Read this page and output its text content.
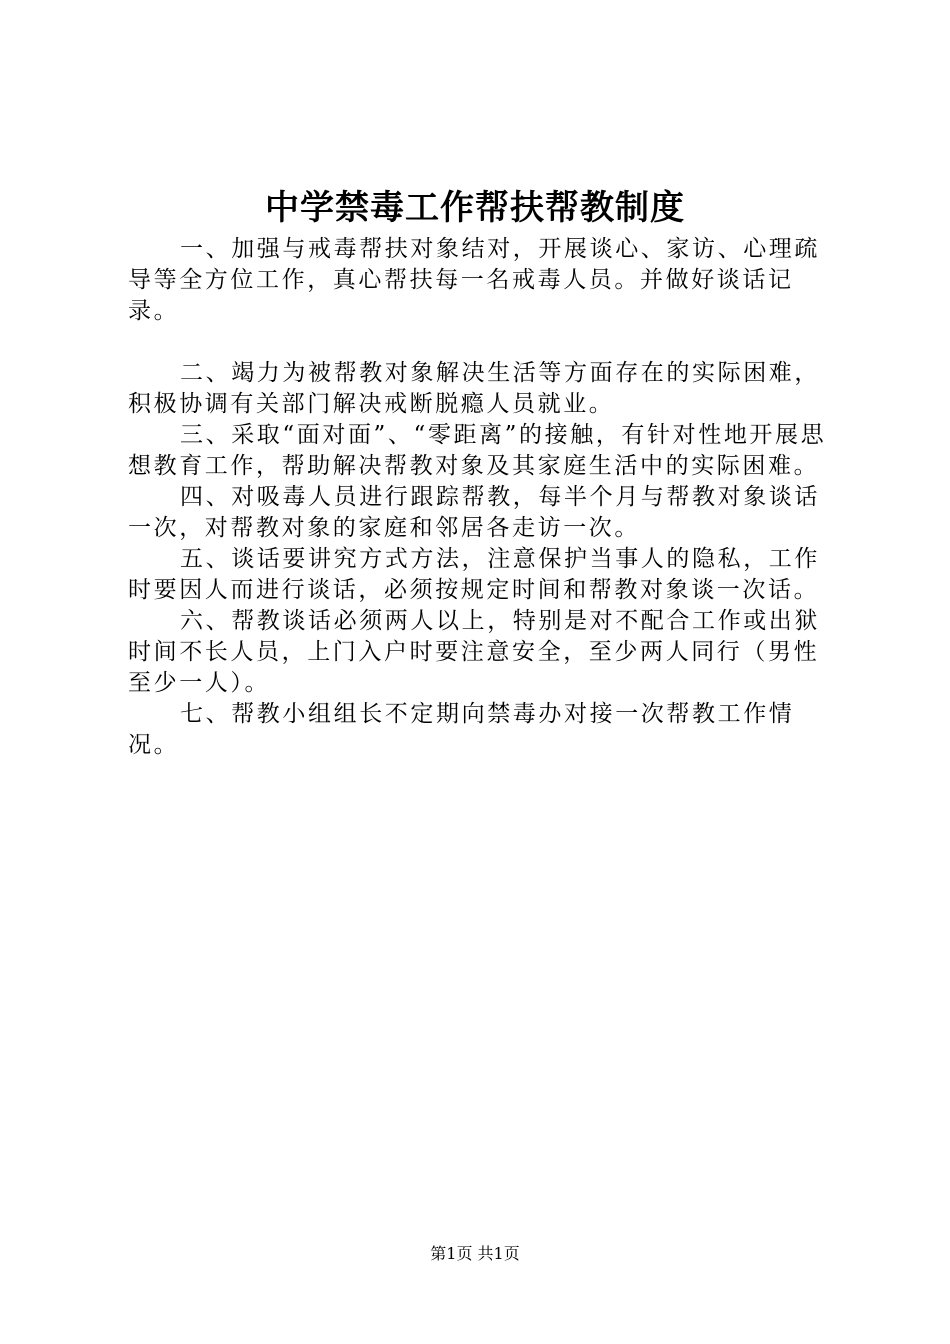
中学禁毒工作帮扶帮教制度

一、加强与戒毒帮扶对象结对，开展谈心、家访、心理疏导等全方位工作，真心帮扶每一名戒毒人员。并做好谈话记录。

二、竭力为被帮教对象解决生活等方面存在的实际困难，积极协调有关部门解决戒断脱瘾人员就业。

三、采取“面对面”、“零距离”的接触，有针对性地开展思想教育工作，帮助解决帮教对象及其家庭生活中的实际困难。

四、对吸毒人员进行跟踪帮教，每半个月与帮教对象谈话一次，对帮教对象的家庭和邻居各走访一次。

五、谈话要讲究方式方法，注意保护当事人的隐私，工作时要因人而进行谈话，必须按规定时间和帮教对象谈一次话。

六、帮教谈话必须两人以上，特别是对不配合工作或出狱时间不长人员，上门入户时要注意安全，至少两人同行（男性至少一人）。

七、帮教小组组长不定期向禁毒办对接一次帮教工作情况。

第1页 共1页
